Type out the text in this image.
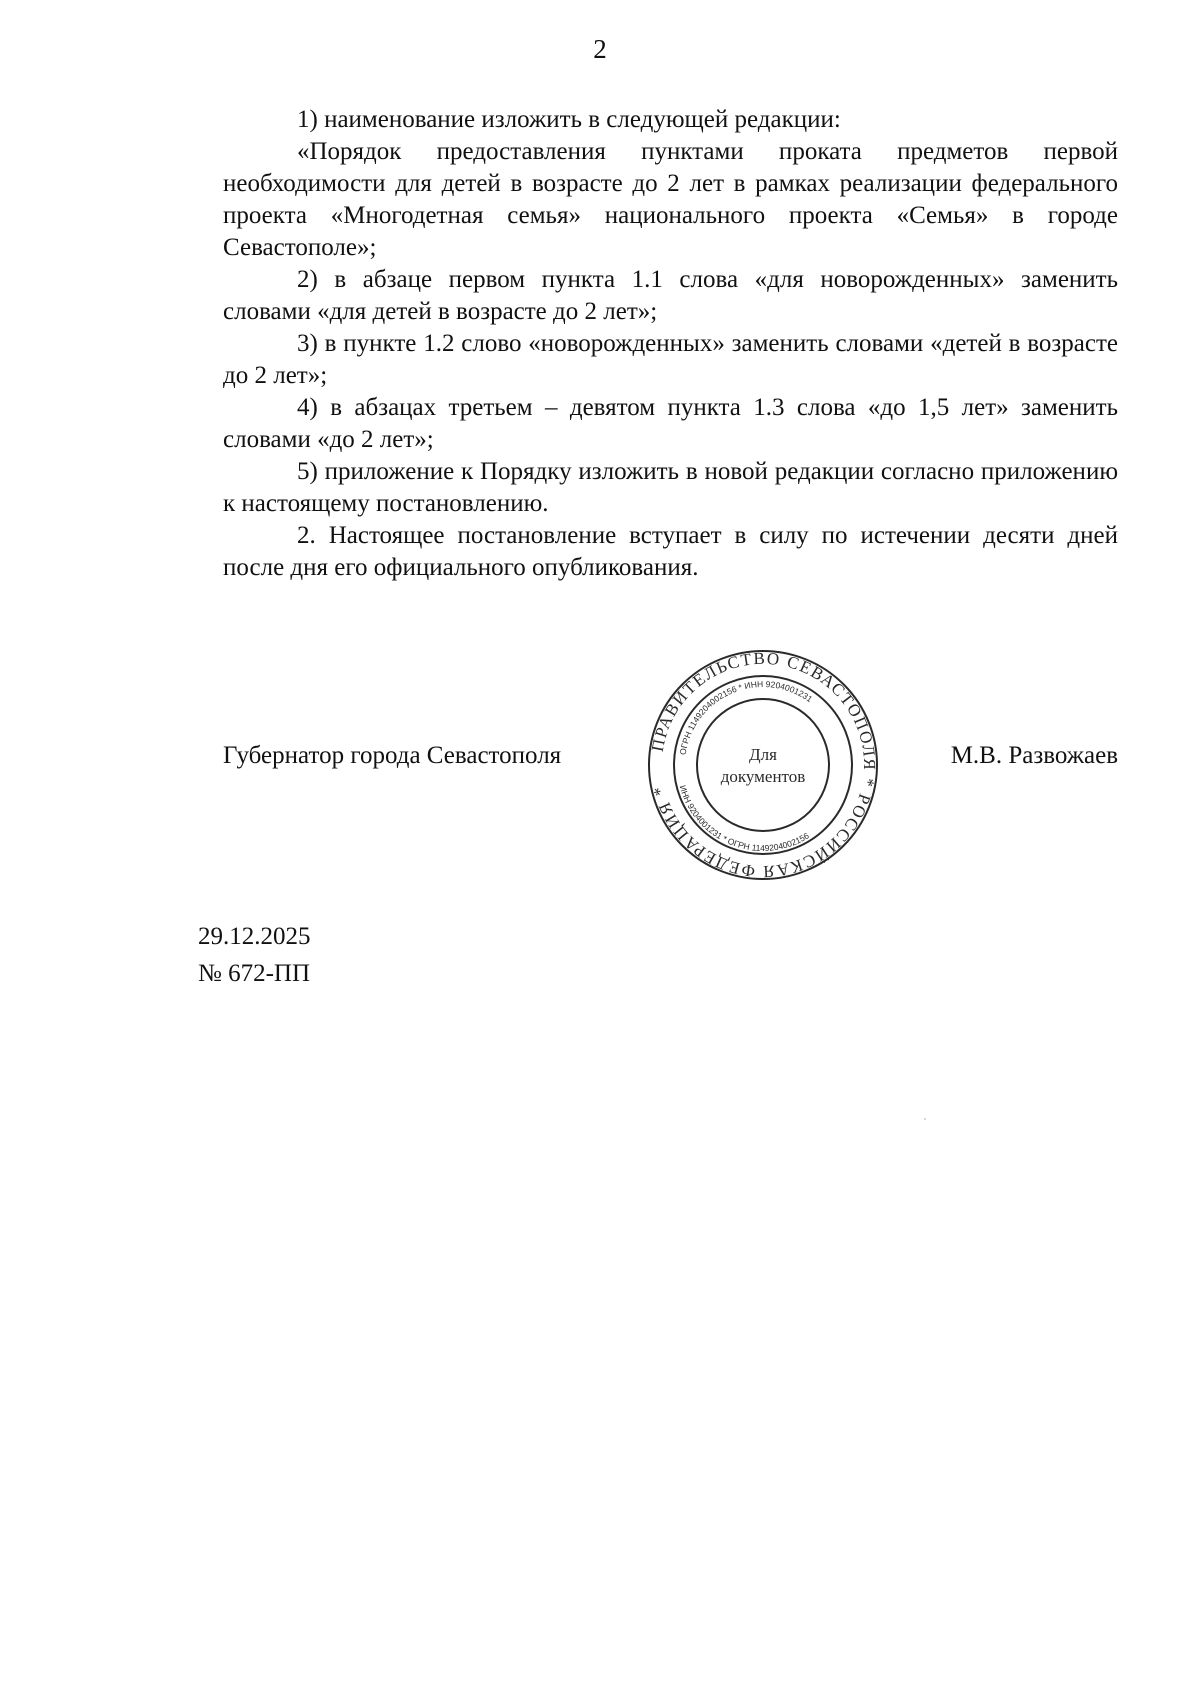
2

1) наименование изложить в следующей редакции:

«Порядок предоставления пунктами проката предметов первой необходимости для детей в возрасте до 2 лет в рамках реализации федерального проекта «Многодетная семья» национального проекта «Семья» в городе Севастополе»;

2) в абзаце первом пункта 1.1 слова «для новорожденных» заменить словами «для детей в возрасте до 2 лет»;

3) в пункте 1.2 слово «новорожденных» заменить словами «детей в возрасте до 2 лет»;

4) в абзацах третьем – девятом пункта 1.3 слова «до 1,5 лет» заменить словами «до 2 лет»;

5) приложение к Порядку изложить в новой редакции согласно приложению к настоящему постановлению.

2. Настоящее постановление вступает в силу по истечении десяти дней после дня его официального опубликования.

Губернатор города Севастополя	М.В. Развожаев
ПРАВИТЕЛЬСТВО СЕВАСТОПОЛЯ * РОССИЙСКАЯ ФЕДЕРАЦИЯ *
ОГРН 1149204002156 * ИНН 9204001231
ИНН 9204001231 * ОГРН 1149204002156
Для
документов
29.12.2025
№ 672-ПП
